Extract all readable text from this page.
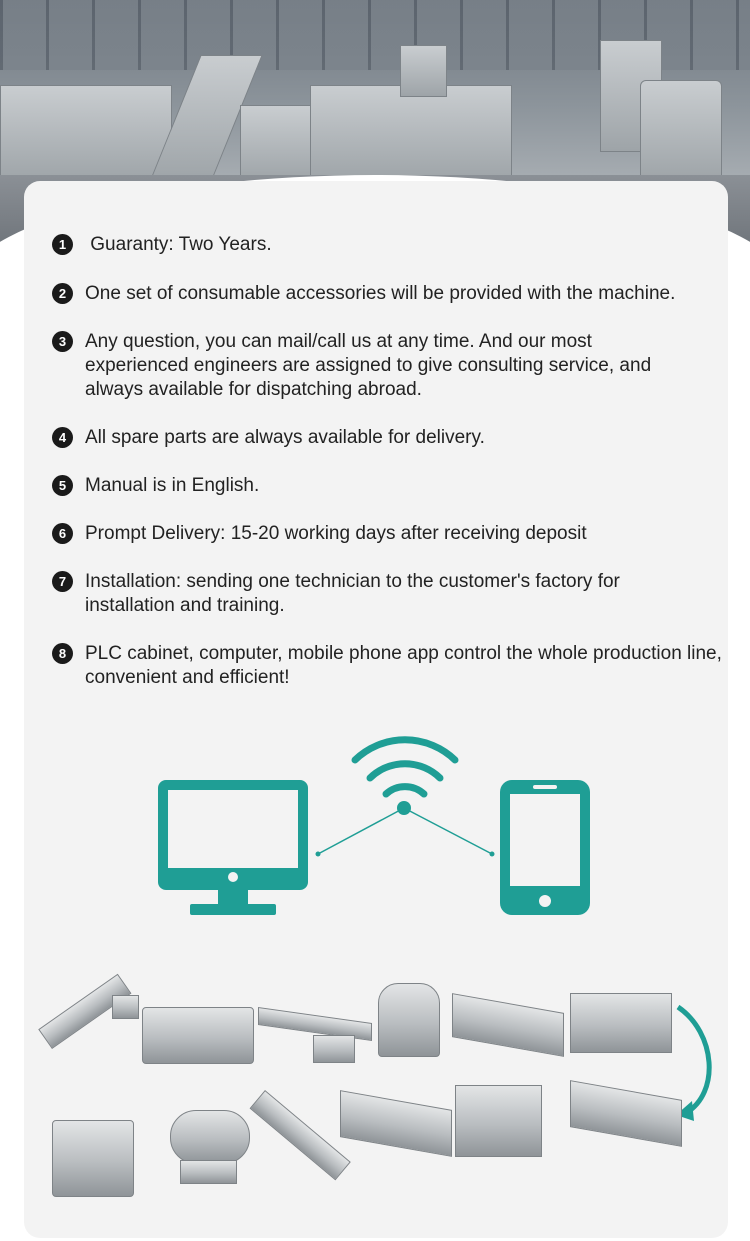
1 Guaranty: Two Years.
2 One set of consumable accessories will be provided with the machine.
3 Any question, you can mail/call us at any time. And our most experienced engineers are assigned to give consulting service, and always available for dispatching abroad.
4 All spare parts are always available for delivery.
5 Manual is in English.
6 Prompt Delivery: 15-20 working days after receiving deposit
7 Installation: sending one technician to the customer's factory for installation and training.
8 PLC cabinet, computer, mobile phone app control the whole production line, convenient and efficient!
